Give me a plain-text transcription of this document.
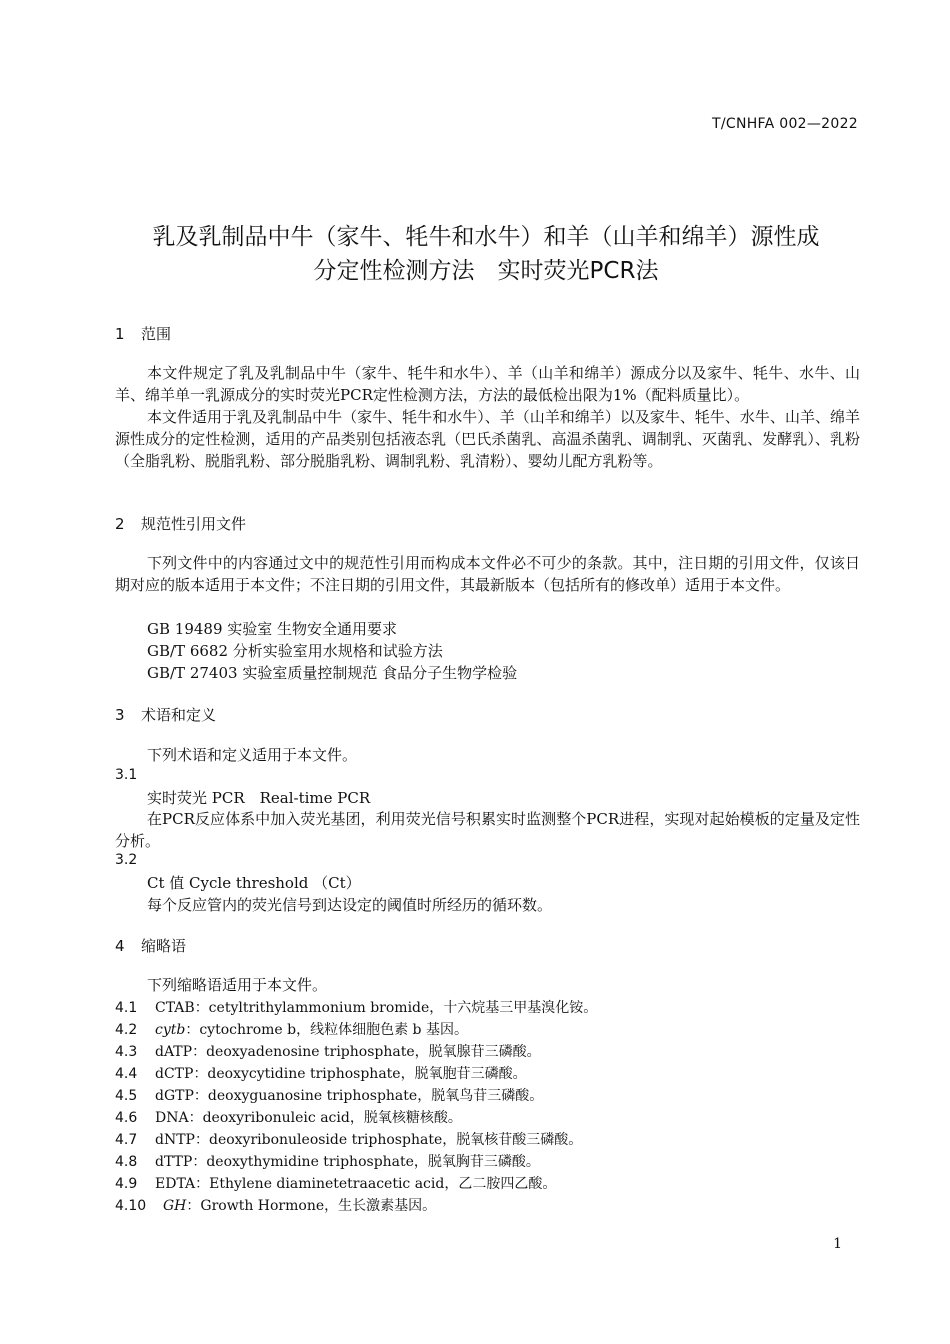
T/CNHFA 002—2022
乳及乳制品中牛（家牛、牦牛和水牛）和羊（山羊和绵羊）源性成
分定性检测方法　实时荧光PCR法
1 范围
本文件规定了乳及乳制品中牛（家牛、牦牛和水牛）、羊（山羊和绵羊）源成分以及家牛、牦牛、水牛、山羊、绵羊单一乳源成分的实时荧光PCR定性检测方法，方法的最低检出限为1%（配料质量比）。
本文件适用于乳及乳制品中牛（家牛、牦牛和水牛）、羊（山羊和绵羊）以及家牛、牦牛、水牛、山羊、绵羊源性成分的定性检测，适用的产品类别包括液态乳（巴氏杀菌乳、高温杀菌乳、调制乳、灭菌乳、发酵乳）、乳粉（全脂乳粉、脱脂乳粉、部分脱脂乳粉、调制乳粉、乳清粉）、婴幼儿配方乳粉等。
2 规范性引用文件
下列文件中的内容通过文中的规范性引用而构成本文件必不可少的条款。其中，注日期的引用文件，仅该日期对应的版本适用于本文件；不注日期的引用文件，其最新版本（包括所有的修改单）适用于本文件。
GB 19489 实验室 生物安全通用要求
GB/T 6682 分析实验室用水规格和试验方法
GB/T 27403 实验室质量控制规范 食品分子生物学检验
3 术语和定义
下列术语和定义适用于本文件。
3.1
实时荧光 PCR　Real-time PCR
在PCR反应体系中加入荧光基团，利用荧光信号积累实时监测整个PCR进程，实现对起始模板的定量及定性分析。
3.2
Ct 值 Cycle threshold （Ct）
每个反应管内的荧光信号到达设定的阈值时所经历的循环数。
4 缩略语
下列缩略语适用于本文件。
4.1 CTAB：cetyltrithylammonium bromide，十六烷基三甲基溴化铵。
4.2 cytb：cytochrome b，线粒体细胞色素 b 基因。
4.3 dATP：deoxyadenosine triphosphate，脱氧腺苷三磷酸。
4.4 dCTP：deoxycytidine triphosphate，脱氧胞苷三磷酸。
4.5 dGTP：deoxyguanosine triphosphate，脱氧鸟苷三磷酸。
4.6 DNA：deoxyribonuleic acid，脱氧核糖核酸。
4.7 dNTP：deoxyribonuleoside triphosphate，脱氧核苷酸三磷酸。
4.8 dTTP：deoxythymidine triphosphate，脱氧胸苷三磷酸。
4.9 EDTA：Ethylene diaminetetraacetic acid，乙二胺四乙酸。
4.10 GH：Growth Hormone，生长激素基因。
1
